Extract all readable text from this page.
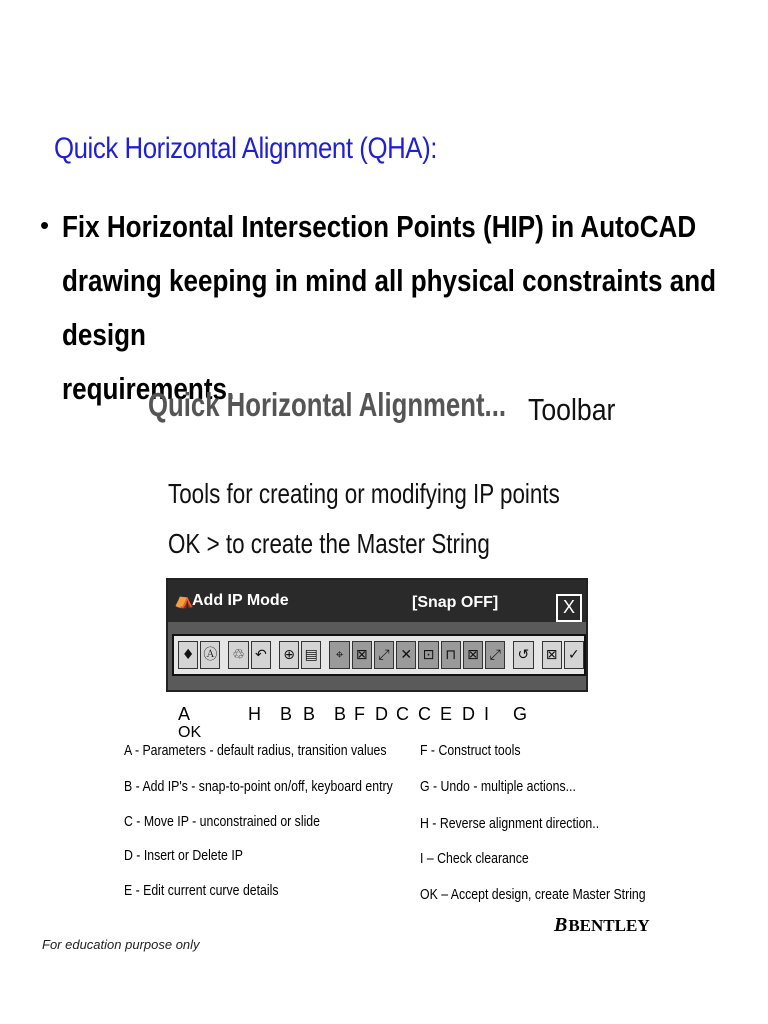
Quick Horizontal Alignment (QHA):
• Fix Horizontal Intersection Points (HIP) in AutoCAD
drawing keeping in mind all physical constraints and design
requirements.
Quick Horizontal Alignment... Toolbar
Tools for creating or modifying IP points
OK > to create the Master String
⛺
Add IP Mode	[Snap OFF]	X
♦ Ⓐ ♲ ↶	⊕ ▤	⌖ ⊠ ⤢ ✕ ⊡ ⊓ ⊠ ⤢	↺	⊠ ✓
A	H B B B F D C C E D I G
OK
A - Parameters - default radius, transition values
B - Add IP's - snap-to-point on/off, keyboard entry
C - Move IP - unconstrained or slide
D - Insert or Delete IP
E - Edit current curve details
F - Construct tools
G - Undo - multiple actions...
H - Reverse alignment direction..
I – Check clearance
OK – Accept design, create Master String
BBENTLEY
For education purpose only
